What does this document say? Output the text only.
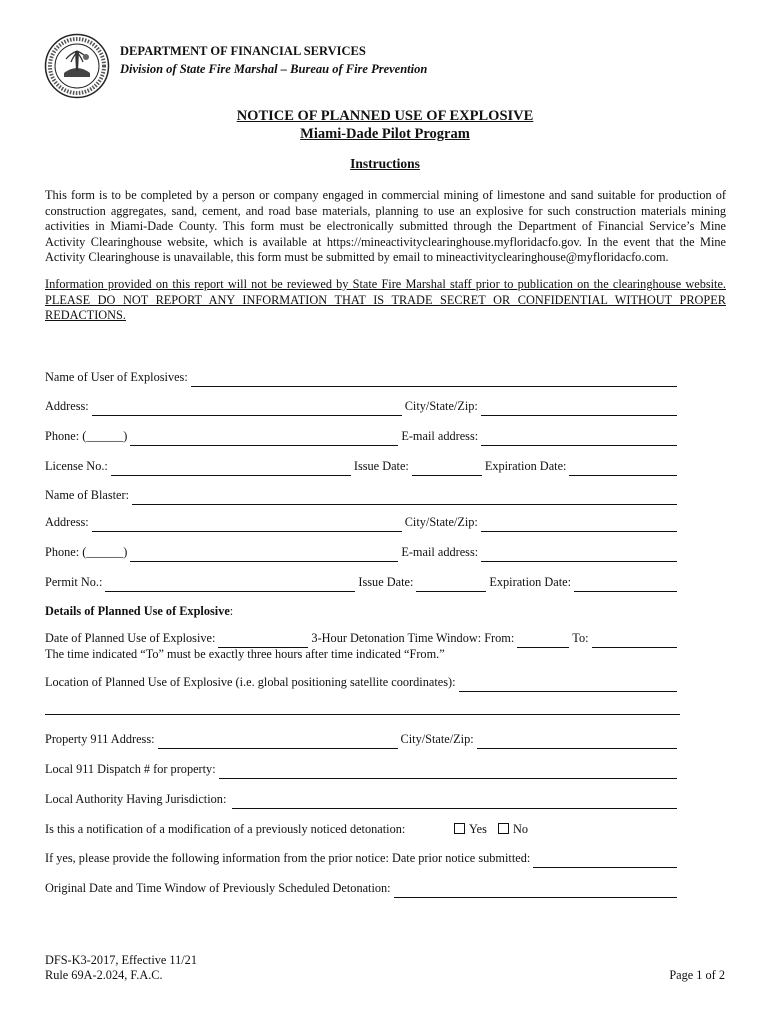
DEPARTMENT OF FINANCIAL SERVICES
Division of State Fire Marshal – Bureau of Fire Prevention
NOTICE OF PLANNED USE OF EXPLOSIVE
Miami-Dade Pilot Program
Instructions
This form is to be completed by a person or company engaged in commercial mining of limestone and sand suitable for production of construction aggregates, sand, cement, and road base materials, planning to use an explosive for such construction materials mining activities in Miami-Dade County. This form must be electronically submitted through the Department of Financial Service’s Mine Activity Clearinghouse website, which is available at https://mineactivityclearinghouse.myfloridacfo.gov. In the event that the Mine Activity Clearinghouse is unavailable, this form must be submitted by email to mineactivityclearinghouse@myfloridacfo.com.
Information provided on this report will not be reviewed by State Fire Marshal staff prior to publication on the clearinghouse website. PLEASE DO NOT REPORT ANY INFORMATION THAT IS TRADE SECRET OR CONFIDENTIAL WITHOUT PROPER REDACTIONS.
Name of User of Explosives:
Address:	City/State/Zip:
Phone: (______)	E-mail address:
License No.:	Issue Date:	Expiration Date:
Name of Blaster:
Address:	City/State/Zip:
Phone: (______)	E-mail address:
Permit No.:	Issue Date:	Expiration Date:
Details of Planned Use of Explosive:
Date of Planned Use of Explosive:	3-Hour Detonation Time Window: From:	To:
The time indicated “To” must be exactly three hours after time indicated “From.”
Location of Planned Use of Explosive (i.e. global positioning satellite coordinates):
Property 911 Address:	City/State/Zip:
Local 911 Dispatch # for property:
Local Authority Having Jurisdiction:
Is this a notification of a modification of a previously noticed detonation:	Yes	No
If yes, please provide the following information from the prior notice: Date prior notice submitted:
Original Date and Time Window of Previously Scheduled Detonation:
DFS-K3-2017, Effective 11/21
Rule 69A-2.024, F.A.C.	Page 1 of 2
